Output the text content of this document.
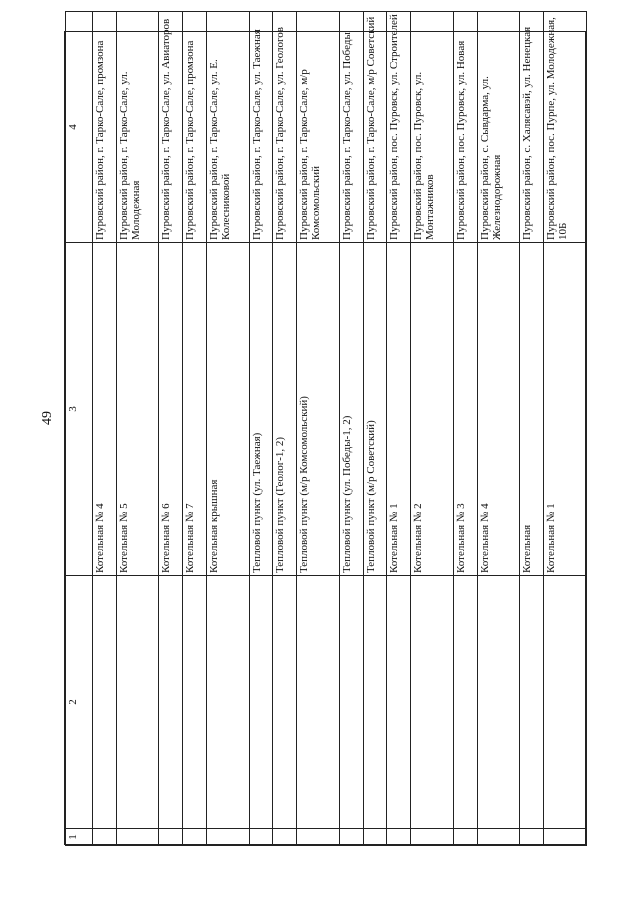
49
1	2	3	4
		Котельная № 4	Пуровский район, г. Тарко-Сале, промзона
		Котельная № 5	Пуровский район, г. Тарко-Сале, ул. Молодежная
		Котельная № 6	Пуровский район, г. Тарко-Сале, ул. Авиаторов
		Котельная № 7	Пуровский район, г. Тарко-Сале, промзона
		Котельная крышная	Пуровский район, г. Тарко-Сале, ул. Е. Колесниковой
		Тепловой пункт (ул. Таежная)	Пуровский район, г. Тарко-Сале, ул. Таежная
		Тепловой пункт (Геолог-1, 2)	Пуровский район, г. Тарко-Сале, ул. Геологов
		Тепловой пункт (м/р Комсомольский)	Пуровский район, г. Тарко-Сале, м/р Комсомольский
		Тепловой пункт (ул. Победы-1, 2)	Пуровский район, г. Тарко-Сале, ул. Победы
		Тепловой пункт (м/р Советский)	Пуровский район, г. Тарко-Сале, м/р Советский
		Котельная № 1	Пуровский район, пос. Пуровск, ул. Строителей
		Котельная № 2	Пуровский район, пос. Пуровск, ул. Монтажников
		Котельная № 3	Пуровский район, пос. Пуровск, ул. Новая
		Котельная № 4	Пуровский район, с. Сывдарма, ул. Железнодорожная
		Котельная	Пуровский район, с. Халясавэй, ул. Ненецкая
		Котельная № 1	Пуровский район, пос. Пурпе, ул. Молодежная, 10Б
